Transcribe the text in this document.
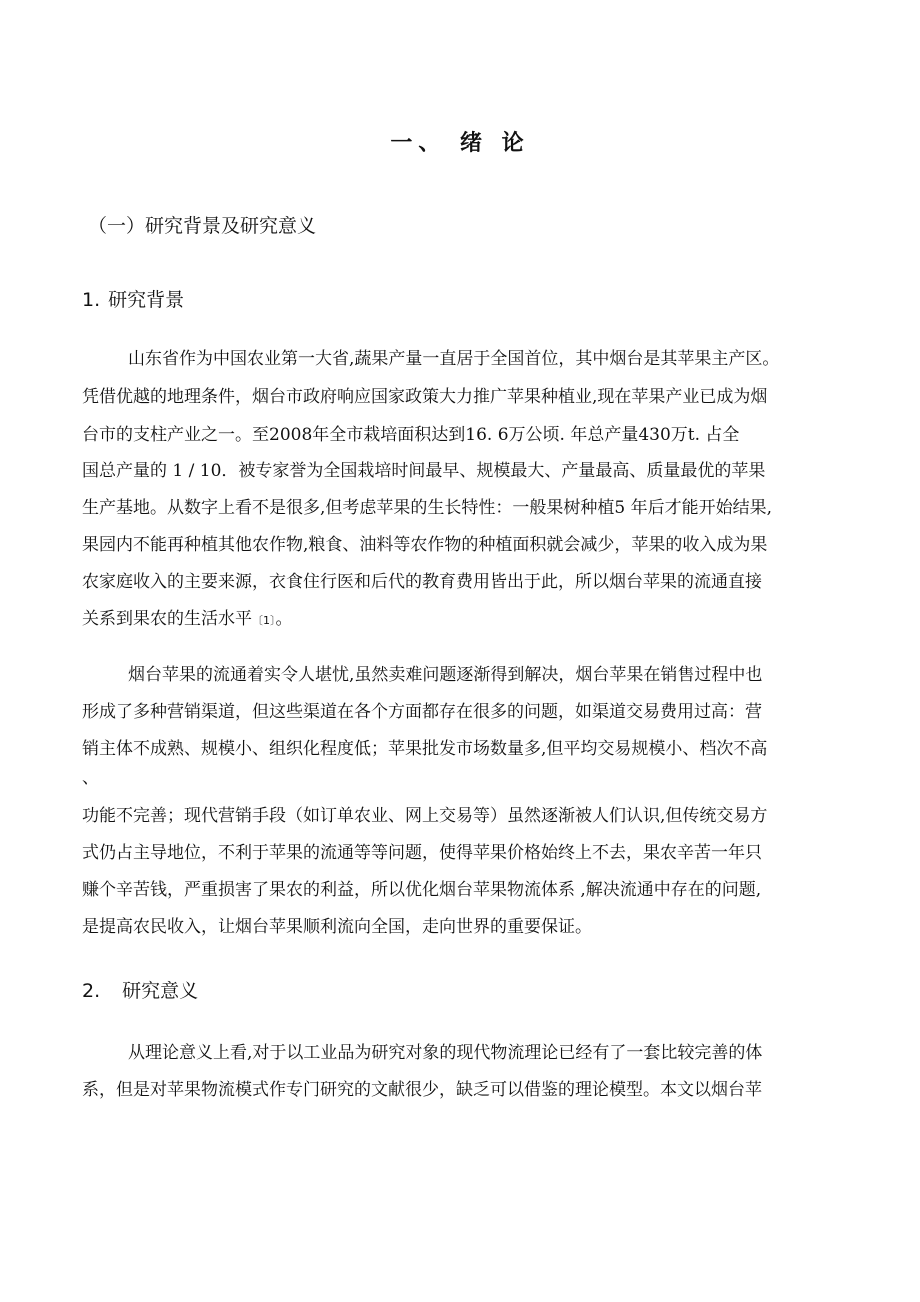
一、 绪 论
（一）研究背景及研究意义
1. 研究背景

山东省作为中国农业第一大省,蔬果产量一直居于全国首位，其中烟台是其苹果主产区。

凭借优越的地理条件，烟台市政府响应国家政策大力推广苹果种植业,现在苹果产业已成为烟

台市的支柱产业之一。至2008年全市栽培面积达到16. 6万公顷. 年总产量430万t. 占全

国总产量的 1 / 10．被专家誉为全国栽培时间最早、规模最大、产量最高、质量最优的苹果

生产基地。从数字上看不是很多,但考虑苹果的生长特性：一般果树种植5 年后才能开始结果,

果园内不能再种植其他农作物,粮食、油料等农作物的种植面积就会减少，苹果的收入成为果

农家庭收入的主要来源，衣食住行医和后代的教育费用皆出于此，所以烟台苹果的流通直接

关系到果农的生活水平〔1〕。

烟台苹果的流通着实令人堪忧,虽然卖难问题逐渐得到解决，烟台苹果在销售过程中也

形成了多种营销渠道，但这些渠道在各个方面都存在很多的问题，如渠道交易费用过高：营

销主体不成熟、规模小、组织化程度低；苹果批发市场数量多,但平均交易规模小、档次不高

、

功能不完善；现代营销手段（如订单农业、网上交易等）虽然逐渐被人们认识,但传统交易方

式仍占主导地位，不利于苹果的流通等等问题，使得苹果价格始终上不去，果农辛苦一年只

赚个辛苦钱，严重损害了果农的利益，所以优化烟台苹果物流体系 ,解决流通中存在的问题,

是提高农民收入，让烟台苹果顺利流向全国，走向世界的重要保证。

2. 研究意义

从理论意义上看,对于以工业品为研究对象的现代物流理论已经有了一套比较完善的体

系，但是对苹果物流模式作专门研究的文献很少，缺乏可以借鉴的理论模型。本文以烟台苹
